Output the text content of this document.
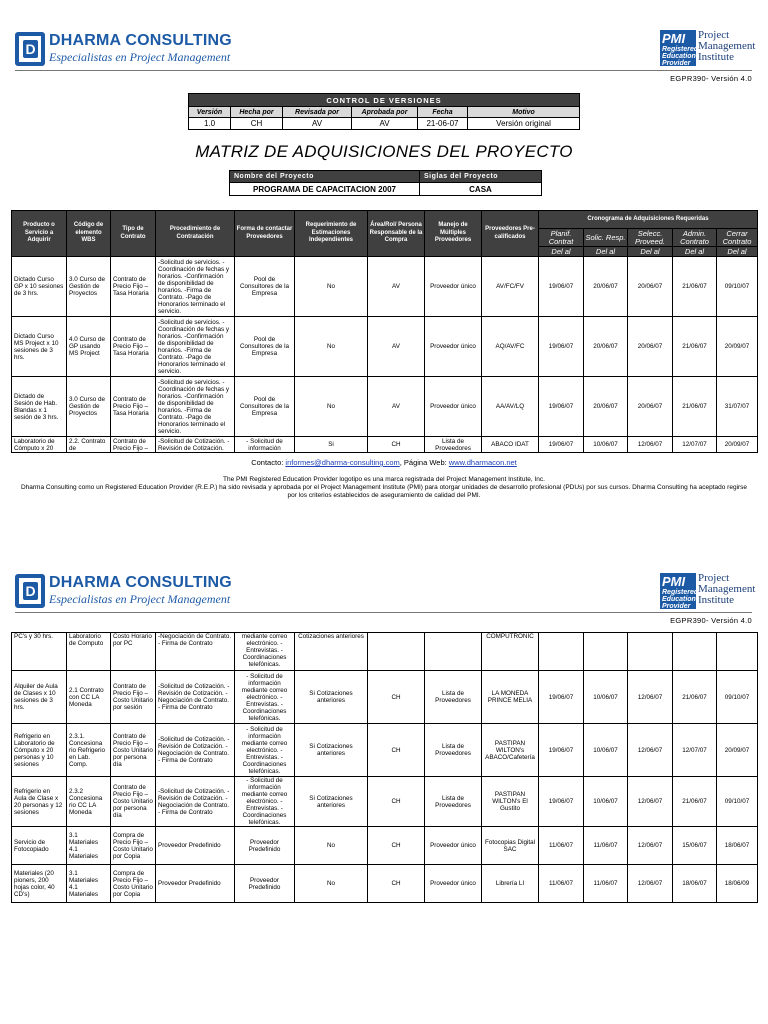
D DHARMA CONSULTING
Especialistas en Project Management
PMI
Registered Education Provider
Project
Management
Institute
EGPR390- Versión 4.0
CONTROL DE VERSIONES					
Versión	Hecha por	Revisada por	Aprobada por	Fecha	Motivo
1.0	CH	AV	AV	21-06-07	Versión original
MATRIZ DE ADQUISICIONES DEL PROYECTO
Nombre del Proyecto	Siglas del Proyecto
PROGRAMA DE CAPACITACION 2007	CASA
Producto o Servicio a Adquirir	Código de elemento WBS	Tipo de Contrato	Procedimiento de Contratación	Forma de contactar Proveedores	Requerimiento de Estimaciones Independientes	Área/Rol/ Persona Responsable de la Compra	Manejo de Múltiples Proveedores	Proveedores Pre-calificados	Cronograma de Adquisiciones Requeridas				
									Planif. Contrat	Solic. Resp.	Selecc. Proveed.	Admin. Contrato	Cerrar Contrato
									Del al	Del al	Del al	Del al	Del al
Dictado Curso GP x 10 sesiones de 3 hrs.	3.0 Curso de Gestión de Proyectos	Contrato de Precio Fijo – Tasa Horaria	-Solicitud de servicios. -Coordinación de fechas y horarios. -Confirmación de disponibilidad de horarios. -Firma de Contrato. -Pago de Honorarios terminado el servicio.	Pool de Consultores de la Empresa	No	AV	Proveedor único	AV/FC/FV	19/06/07	20/06/07	20/06/07	21/06/07	09/10/07
Dictado Curso MS Project x 10 sesiones de 3 hrs.	4.0 Curso de GP usando MS Project	Contrato de Precio Fijo – Tasa Horaria	-Solicitud de servicios. -Coordinación de fechas y horarios. -Confirmación de disponibilidad de horarios. -Firma de Contrato. -Pago de Honorarios terminado el servicio.	Pool de Consultores de la Empresa	No	AV	Proveedor único	AQ/AV/FC	19/06/07	20/06/07	20/06/07	21/06/07	20/09/07
Dictado de Sesión de Hab. Blandas x 1 sesión de 3 hrs.	3.0 Curso de Gestión de Proyectos	Contrato de Precio Fijo – Tasa Horaria	-Solicitud de servicios. -Coordinación de fechas y horarios. -Confirmación de disponibilidad de horarios. -Firma de Contrato. -Pago de Honorarios terminado el servicio.	Pool de Consultores de la Empresa	No	AV	Proveedor único	AA/AV/LQ	19/06/07	20/06/07	20/06/07	21/06/07	31/07/07
Laboratorio de Cómputo x 20	2.2. Contrato de	Contrato de Precio Fijo –	-Solicitud de Cotización. -Revisión de Cotización.	- Solicitud de información	Si	CH	Lista de Proveedores	ABACO IDAT	19/06/07	10/06/07	12/06/07	12/07/07	20/09/07
Contacto: informes@dharma-consulting.com, Página Web: www.dharmacon.net
The PMI Registered Education Provider logotipo es una marca registrada del Project Management Institute, Inc.
Dharma Consulting como un Registered Education Provider (R.E.P.) ha sido revisada y aprobada por el Project Management Institute (PMI) para otorgar unidades de desarrollo profesional (PDUs) por sus cursos. Dharma Consulting ha aceptado regirse por los criterios establecidos de aseguramiento de calidad del PMI.
D DHARMA CONSULTING
Especialistas en Project Management
PMI
Registered Education Provider
Project
Management
Institute
EGPR390- Versión 4.0
PC's y 30 hrs.	Laboratorio de Computo	Costo Horario por PC	-Negociación de Contrato. - Firma de Contrato	mediante correo electrónico. - Entrevistas. -Coordinaciones telefónicas.	Cotizaciones anteriores			COMPUTRONIC					
Alquiler de Aula de Clases x 10 sesiones de 3 hrs.	2.1 Contrato con CC LA Moneda	Contrato de Precio Fijo – Costo Unitario por sesión	-Solicitud de Cotización. -Revisión de Cotización. -Negociación de Contrato. - Firma de Contrato	- Solicitud de información mediante correo electrónico. - Entrevistas. -Coordinaciones telefónicas.	Si Cotizaciones anteriores	CH	Lista de Proveedores	LA MONEDA PRINCE MELIA	19/06/07	10/06/07	12/06/07	21/06/07	09/10/07
Refrigerio en Laboratorio de Cómputo x 20 personas y 10 sesiones	2.3.1. Concesiona rio Refrigerio en Lab. Comp.	Contrato de Precio Fijo – Costo Unitario por persona día	-Solicitud de Cotización. -Revisión de Cotización. -Negociación de Contrato. - Firma de Contrato	- Solicitud de información mediante correo electrónico. - Entrevistas. -Coordinaciones telefónicas.	Si Cotizaciones anteriores	CH	Lista de Proveedores	PASTIPAN WILTON's ABACO/Cafetería	19/06/07	10/06/07	12/06/07	12/07/07	20/09/07
Refrigerio en Aula de Clase x 20 personas y 12 sesiones	2.3.2 Concesiona rio CC LA Moneda	Contrato de Precio Fijo – Costo Unitario por persona día	-Solicitud de Cotización. -Revisión de Cotización. -Negociación de Contrato. - Firma de Contrato	- Solicitud de información mediante correo electrónico. - Entrevistas. -Coordinaciones telefónicas.	Si Cotizaciones anteriores	CH	Lista de Proveedores	PASTIPAN WILTON's El Gustito	19/06/07	10/06/07	12/06/07	21/06/07	09/10/07
Servicio de Fotocopiado	3.1 Materiales 4.1 Materiales	Compra de Precio Fijo – Costo Unitario por Copia	Proveedor Predefinido	Proveedor Predefinido	No	CH	Proveedor único	Fotocopias Digital SAC	11/06/07	11/06/07	12/06/07	15/06/07	18/06/07
Materiales (20 pioners, 200 hojas color, 40 CD's)	3.1 Materiales 4.1 Materiales	Compra de Precio Fijo – Costo Unitario por Copia	Proveedor Predefinido	Proveedor Predefinido	No	CH	Proveedor único	Librería LI	11/06/07	11/06/07	12/06/07	18/06/07	18/06/09
